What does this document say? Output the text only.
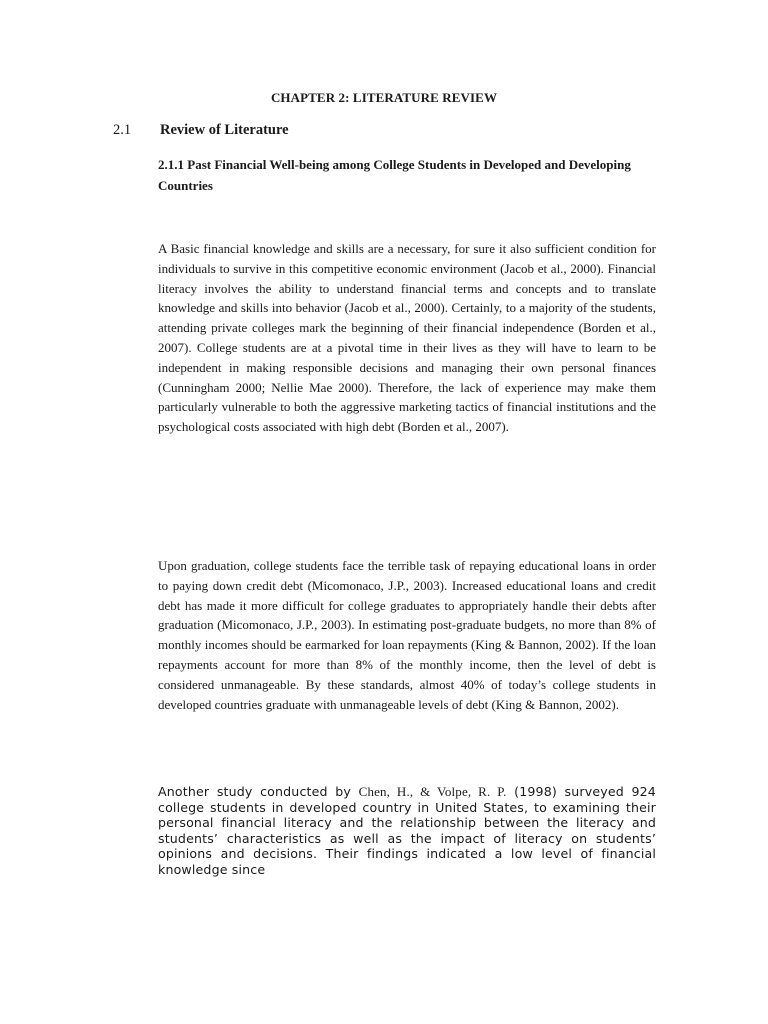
CHAPTER 2: LITERATURE REVIEW
2.1 Review of Literature
2.1.1 Past Financial Well-being among College Students in Developed and Developing Countries

A Basic financial knowledge and skills are a necessary, for sure it also sufficient condition for individuals to survive in this competitive economic environment (Jacob et al., 2000). Financial literacy involves the ability to understand financial terms and concepts and to translate knowledge and skills into behavior (Jacob et al., 2000). Certainly, to a majority of the students, attending private colleges mark the beginning of their financial independence (Borden et al., 2007). College students are at a pivotal time in their lives as they will have to learn to be independent in making responsible decisions and managing their own personal finances (Cunningham 2000; Nellie Mae 2000). Therefore, the lack of experience may make them particularly vulnerable to both the aggressive marketing tactics of financial institutions and the psychological costs associated with high debt (Borden et al., 2007).

Upon graduation, college students face the terrible task of repaying educational loans in order to paying down credit debt (Micomonaco, J.P., 2003). Increased educational loans and credit debt has made it more difficult for college graduates to appropriately handle their debts after graduation (Micomonaco, J.P., 2003). In estimating post-graduate budgets, no more than 8% of monthly incomes should be earmarked for loan repayments (King & Bannon, 2002). If the loan repayments account for more than 8% of the monthly income, then the level of debt is considered unmanageable. By these standards, almost 40% of today’s college students in developed countries graduate with unmanageable levels of debt (King & Bannon, 2002).

Another study conducted by Chen, H., & Volpe, R. P. (1998) surveyed 924 college students in developed country in United States, to examining their personal financial literacy and the relationship between the literacy and students’ characteristics as well as the impact of literacy on students’ opinions and decisions. Their findings indicated a low level of financial knowledge since
